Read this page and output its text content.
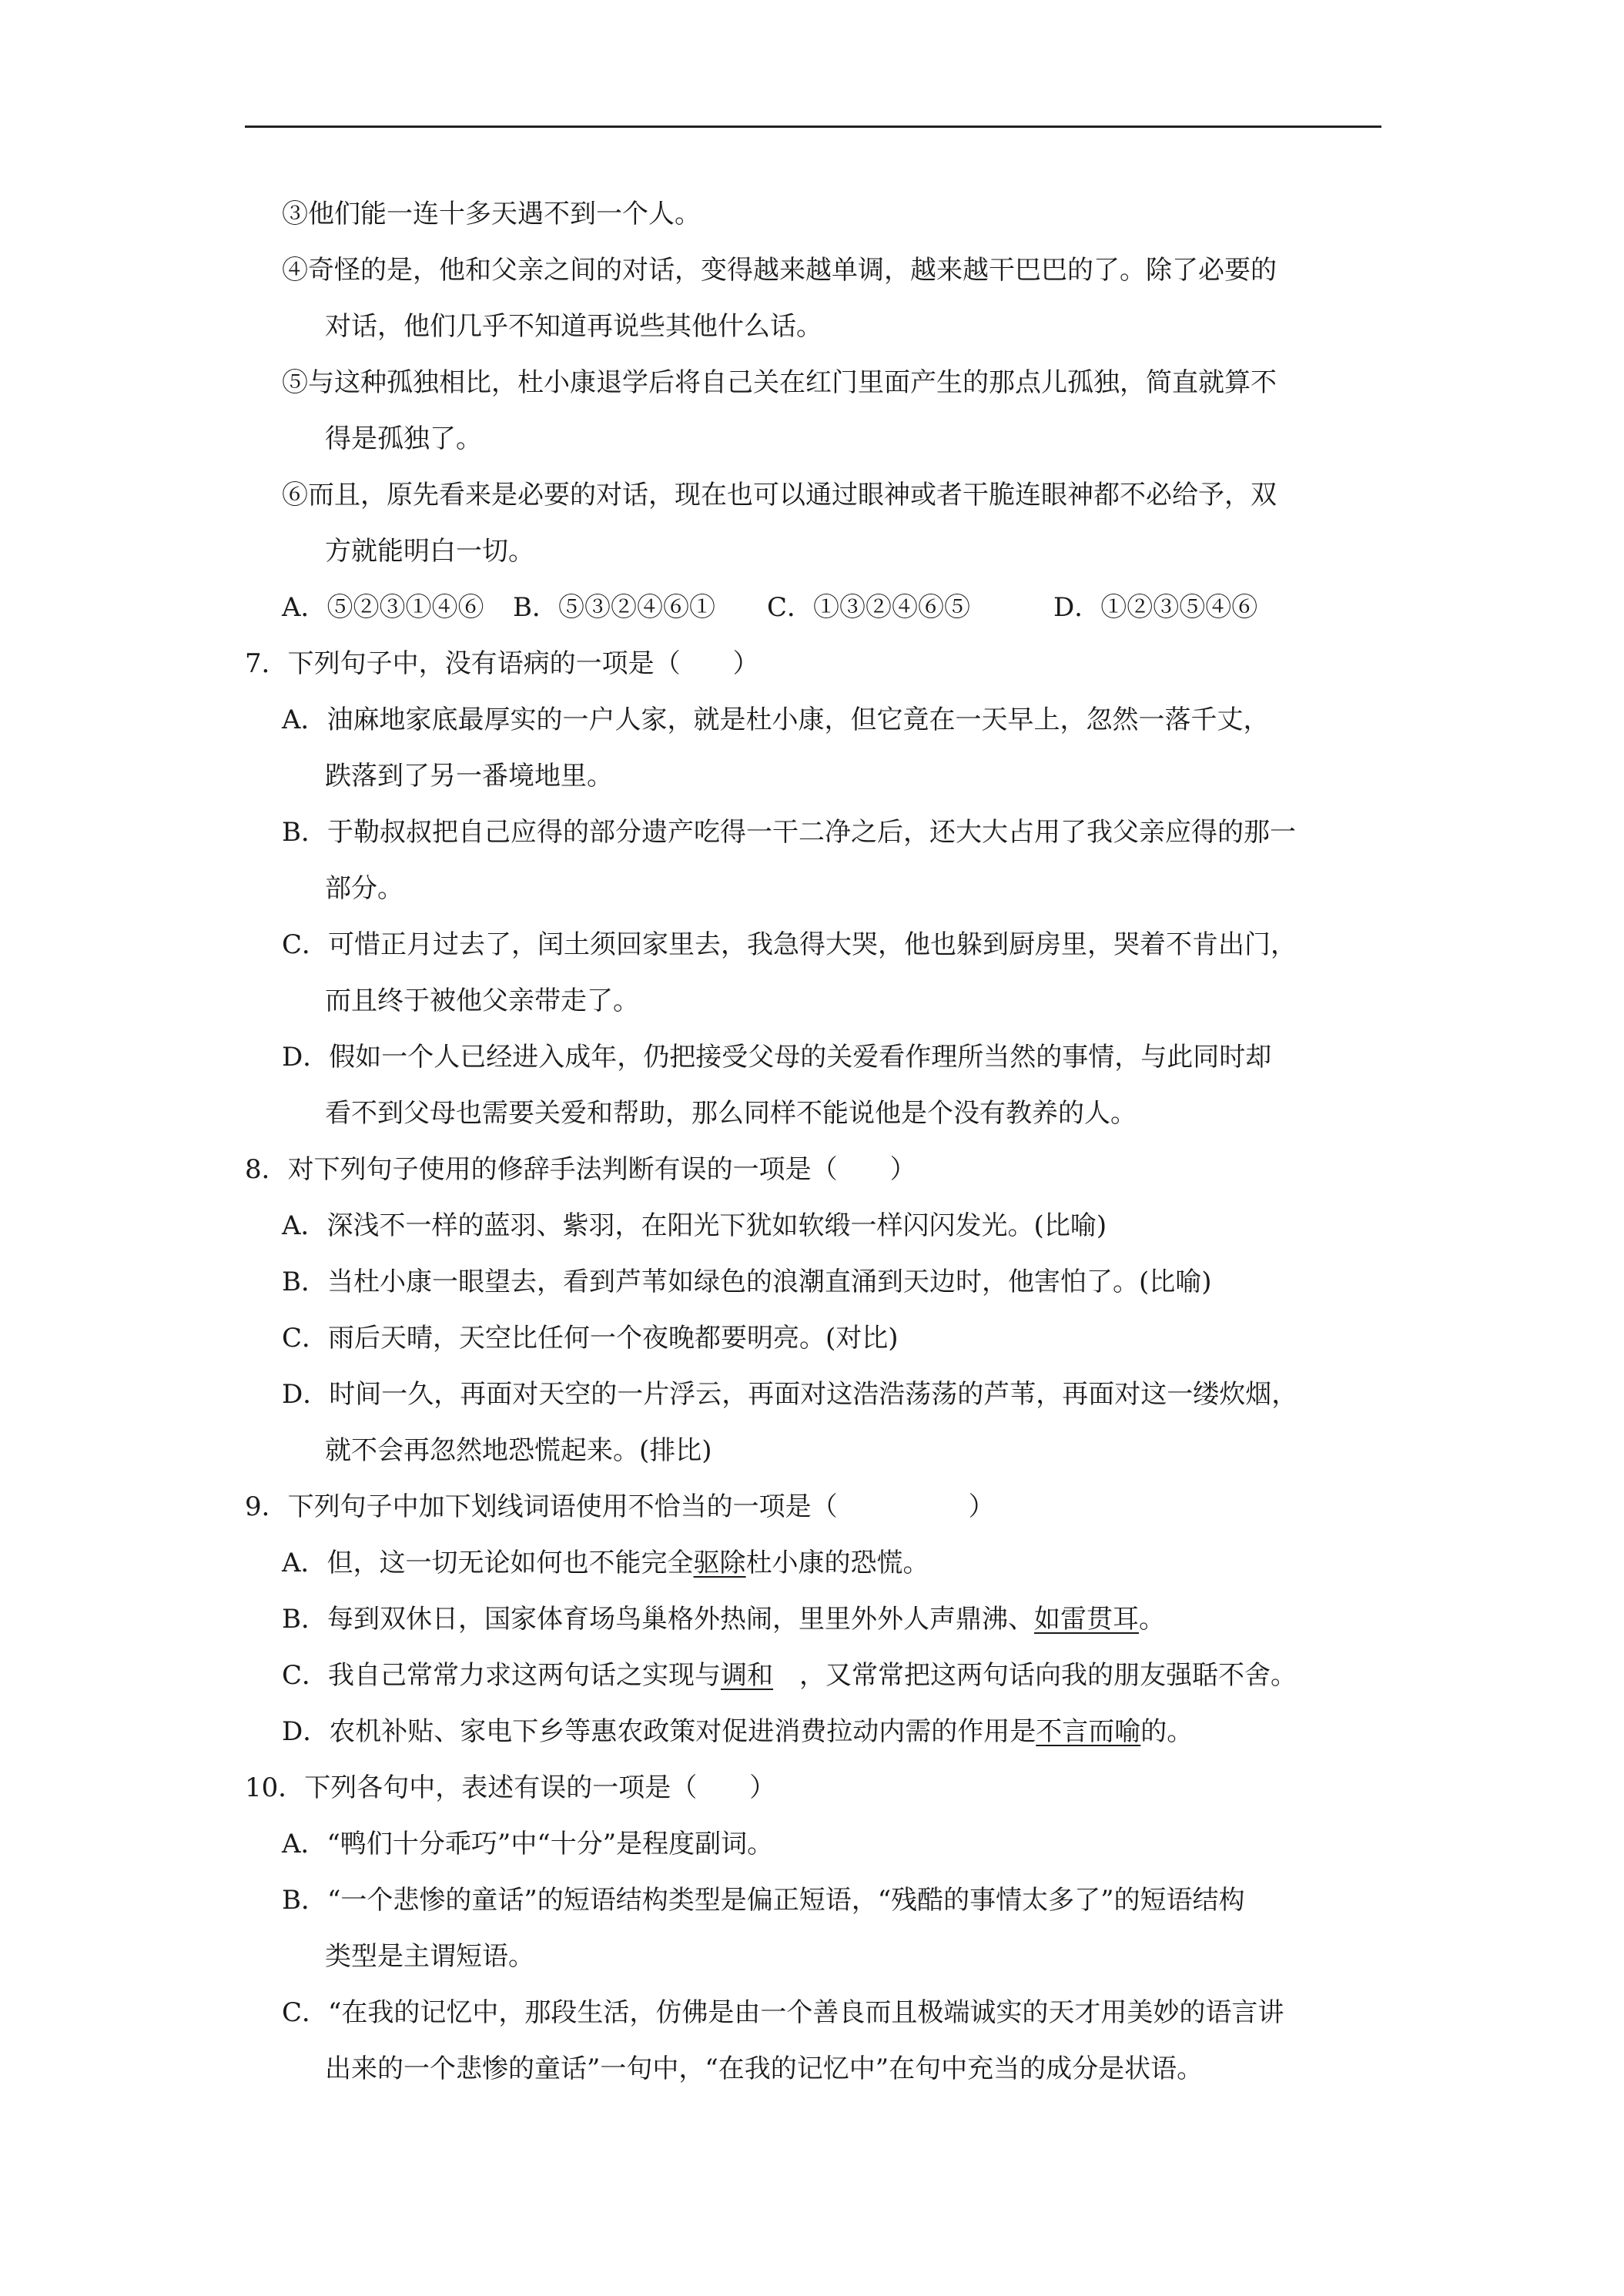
③他们能一连十多天遇不到一个人。
④奇怪的是，他和父亲之间的对话，变得越来越单调，越来越干巴巴的了。除了必要的
对话，他们几乎不知道再说些其他什么话。
⑤与这种孤独相比，杜小康退学后将自己关在红门里面产生的那点儿孤独，简直就算不
得是孤独了。
⑥而且，原先看来是必要的对话，现在也可以通过眼神或者干脆连眼神都不必给予，双
方就能明白一切。
A．⑤②③①④⑥ B．⑤③②④⑥① C．①③②④⑥⑤	D．①②③⑤④⑥
7．下列句子中，没有语病的一项是（　　）
A．油麻地家底最厚实的一户人家，就是杜小康，但它竟在一天早上，忽然一落千丈，
跌落到了另一番境地里。
B．于勒叔叔把自己应得的部分遗产吃得一干二净之后，还大大占用了我父亲应得的那一
部分。
C．可惜正月过去了，闰土须回家里去，我急得大哭，他也躲到厨房里，哭着不肯出门，
而且终于被他父亲带走了。
D．假如一个人已经进入成年，仍把接受父母的关爱看作理所当然的事情，与此同时却
看不到父母也需要关爱和帮助，那么同样不能说他是个没有教养的人。
8．对下列句子使用的修辞手法判断有误的一项是（　　）
A．深浅不一样的蓝羽、紫羽，在阳光下犹如软缎一样闪闪发光。(比喻)
B．当杜小康一眼望去，看到芦苇如绿色的浪潮直涌到天边时，他害怕了。(比喻)
C．雨后天晴，天空比任何一个夜晚都要明亮。(对比)
D．时间一久，再面对天空的一片浮云，再面对这浩浩荡荡的芦苇，再面对这一缕炊烟，
就不会再忽然地恐慌起来。(排比)
9．下列句子中加下划线词语使用不恰当的一项是（　　　　　）
A．但，这一切无论如何也不能完全驱除杜小康的恐慌。
B．每到双休日，国家体育场鸟巢格外热闹，里里外外人声鼎沸、如雷贯耳。
C．我自己常常力求这两句话之实现与调和　，又常常把这两句话向我的朋友强聒不舍。
D．农机补贴、家电下乡等惠农政策对促进消费拉动内需的作用是不言而喻的。
10．下列各句中，表述有误的一项是（　　）
A．“鸭们十分乖巧”中“十分”是程度副词。
B．“一个悲惨的童话”的短语结构类型是偏正短语，“残酷的事情太多了”的短语结构
类型是主谓短语。
C．“在我的记忆中，那段生活，仿佛是由一个善良而且极端诚实的天才用美妙的语言讲
出来的一个悲惨的童话”一句中，“在我的记忆中”在句中充当的成分是状语。
